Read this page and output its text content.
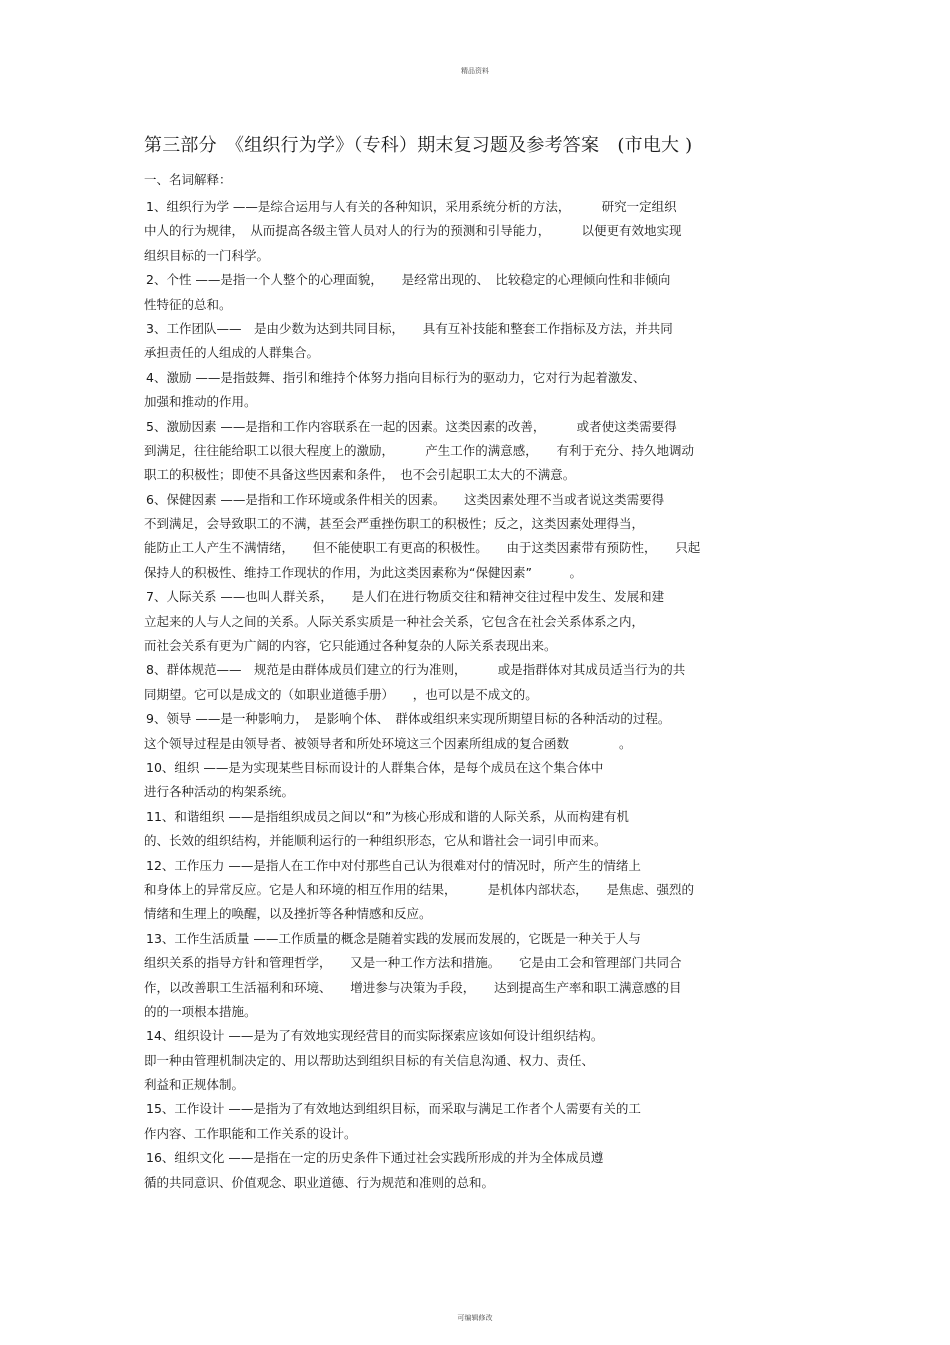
精品资料
第三部分　《组织行为学》（专科）期末复习题及参考答案　(市电大 )
一、名词解释：
1、组织行为学 ——是综合运用与人有关的各种知识，采用系统分析的方法，　　　研究一定组织
中人的行为规律，　从而提高各级主管人员对人的行为的预测和引导能力，　　　以便更有效地实现
组织目标的一门科学。
2、个性 ——是指一个人整个的心理面貌，　　是经常出现的、　比较稳定的心理倾向性和非倾向
性特征的总和。
3、工作团队——　是由少数为达到共同目标，　　具有互补技能和整套工作指标及方法，并共同
承担责任的人组成的人群集合。
4、激励 ——是指鼓舞、指引和维持个体努力指向目标行为的驱动力，它对行为起着激发、
加强和推动的作用。
5、激励因素 ——是指和工作内容联系在一起的因素。这类因素的改善，　　　或者使这类需要得
到满足，往往能给职工以很大程度上的激励，　　　产生工作的满意感，　　有利于充分、持久地调动
职工的积极性；即使不具备这些因素和条件，　也不会引起职工太大的不满意。
6、保健因素 ——是指和工作环境或条件相关的因素。　　这类因素处理不当或者说这类需要得
不到满足，会导致职工的不满，甚至会严重挫伤职工的积极性；反之，这类因素处理得当，
能防止工人产生不满情绪，　　但不能使职工有更高的积极性。　　由于这类因素带有预防性，　　只起
保持人的积极性、维持工作现状的作用，为此这类因素称为“保健因素”　　　。
7、人际关系 ——也叫人群关系，　　是人们在进行物质交往和精神交往过程中发生、发展和建
立起来的人与人之间的关系。人际关系实质是一种社会关系，它包含在社会关系体系之内，
而社会关系有更为广阔的内容，它只能通过各种复杂的人际关系表现出来。
8、群体规范——　规范是由群体成员们建立的行为准则，　　　或是指群体对其成员适当行为的共
同期望。它可以是成文的（如职业道德手册）　　，也可以是不成文的。
9、领导 ——是一种影响力，　是影响个体、　群体或组织来实现所期望目标的各种活动的过程。
这个领导过程是由领导者、被领导者和所处环境这三个因素所组成的复合函数　　　　。
10、组织 ——是为实现某些目标而设计的人群集合体，是每个成员在这个集合体中
进行各种活动的构架系统。
11、和谐组织 ——是指组织成员之间以“和”为核心形成和谐的人际关系，从而构建有机
的、长效的组织结构，并能顺利运行的一种组织形态，它从和谐社会一词引申而来。
12、工作压力 ——是指人在工作中对付那些自己认为很难对付的情况时，所产生的情绪上
和身体上的异常反应。它是人和环境的相互作用的结果，　　　是机体内部状态，　　是焦虑、强烈的
情绪和生理上的唤醒，以及挫折等各种情感和反应。
13、工作生活质量 ——工作质量的概念是随着实践的发展而发展的，它既是一种关于人与
组织关系的指导方针和管理哲学，　　又是一种工作方法和措施。　　它是由工会和管理部门共同合
作，以改善职工生活福利和环境、　　增进参与决策为手段，　　达到提高生产率和职工满意感的目
的的一项根本措施。
14、组织设计 ——是为了有效地实现经营目的而实际探索应该如何设计组织结构。
即一种由管理机制决定的、用以帮助达到组织目标的有关信息沟通、权力、责任、
利益和正规体制。
15、工作设计 ——是指为了有效地达到组织目标，而采取与满足工作者个人需要有关的工
作内容、工作职能和工作关系的设计。
16、组织文化 ——是指在一定的历史条件下通过社会实践所形成的并为全体成员遵
循的共同意识、价值观念、职业道德、行为规范和准则的总和。
可编辑修改
